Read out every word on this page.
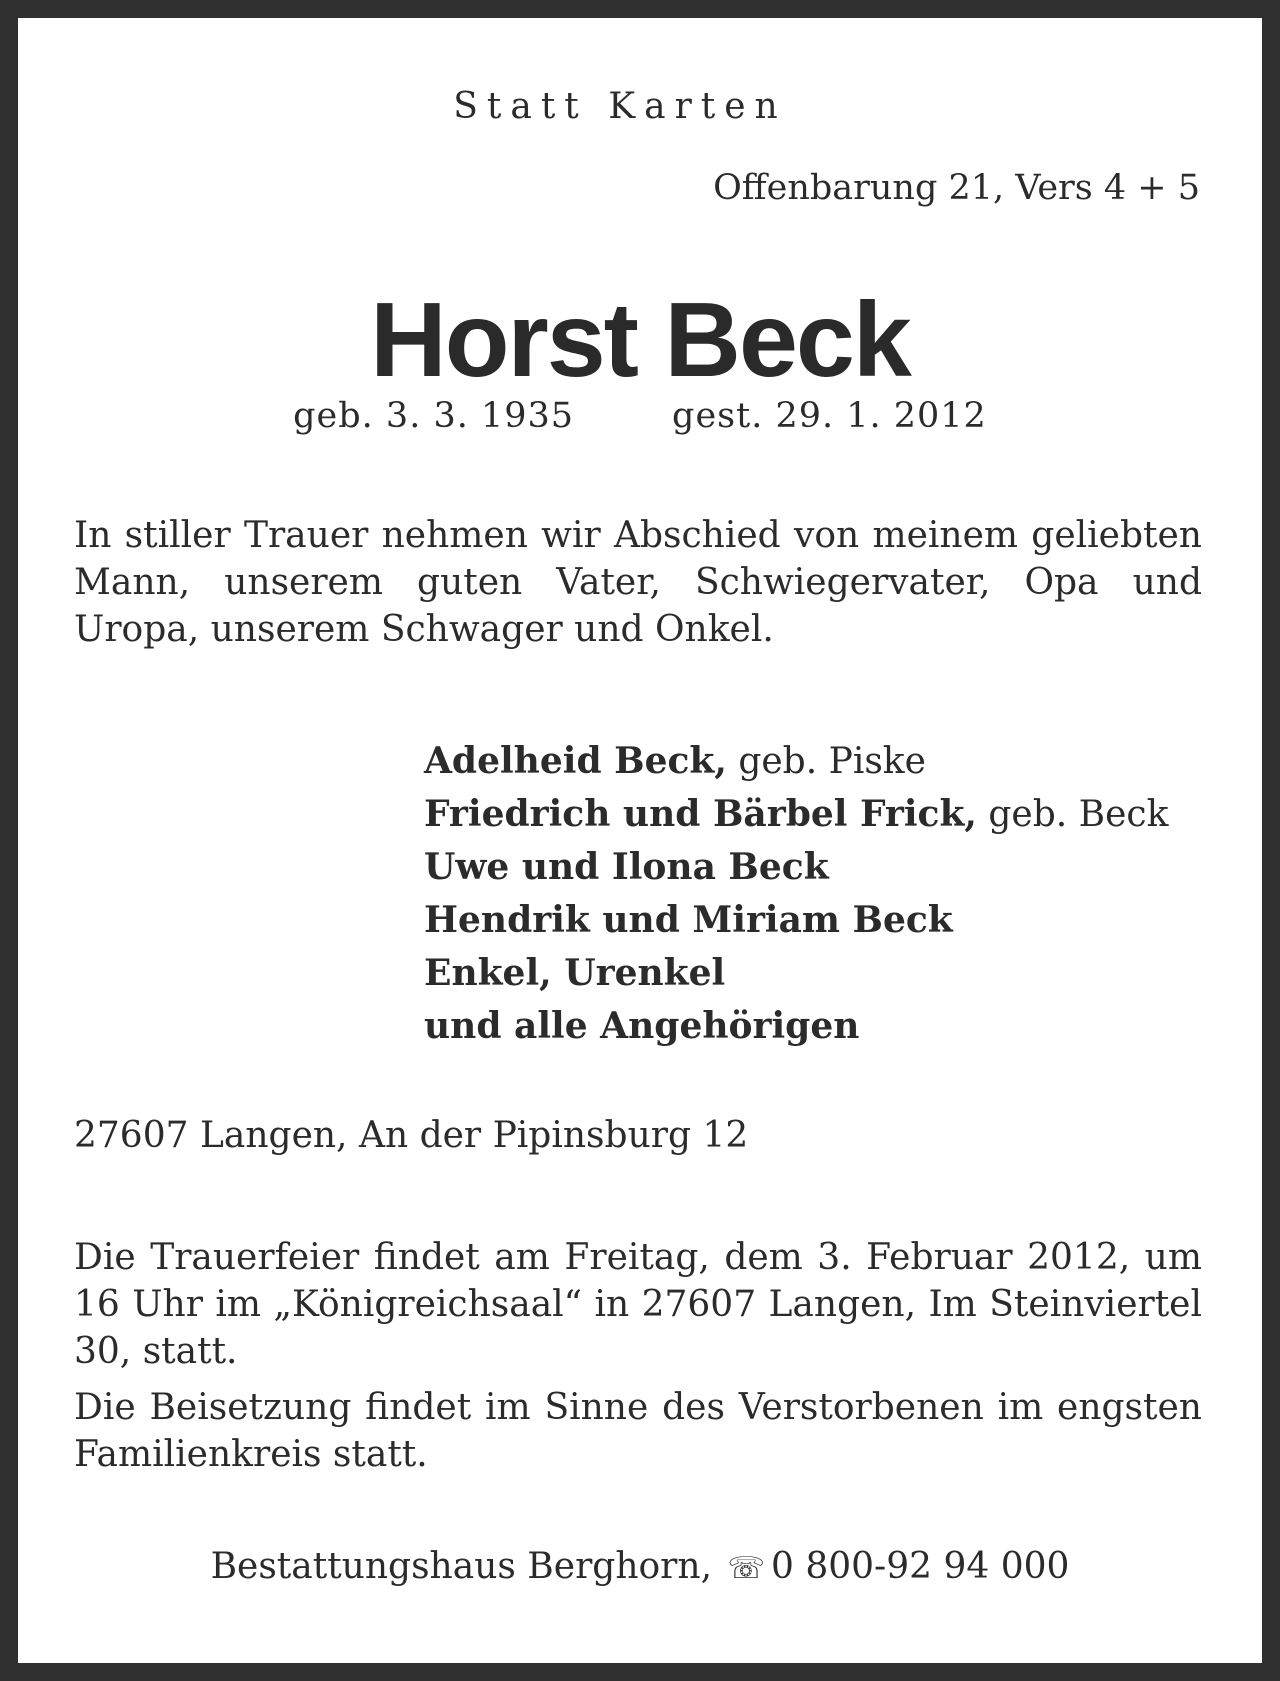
Statt Karten
Offenbarung 21, Vers 4 + 5
Horst Beck
geb. 3. 3. 1935	gest. 29. 1. 2012
In stiller Trauer nehmen wir Abschied von meinem geliebten Mann, unserem guten Vater, Schwiegervater, Opa und Uropa, unserem Schwager und Onkel.
Adelheid Beck, geb. Piske
Friedrich und Bärbel Frick, geb. Beck
Uwe und Ilona Beck
Hendrik und Miriam Beck
Enkel, Urenkel
und alle Angehörigen
27607 Langen, An der Pipinsburg 12
Die Trauerfeier findet am Freitag, dem 3. Februar 2012, um 16 Uhr im „Königreichsaal“ in 27607 Langen, Im Steinviertel 30, statt.
Die Beisetzung findet im Sinne des Verstorbenen im engsten Familienkreis statt.
Bestattungshaus Berghorn, ☏ 0 800-92 94 000
